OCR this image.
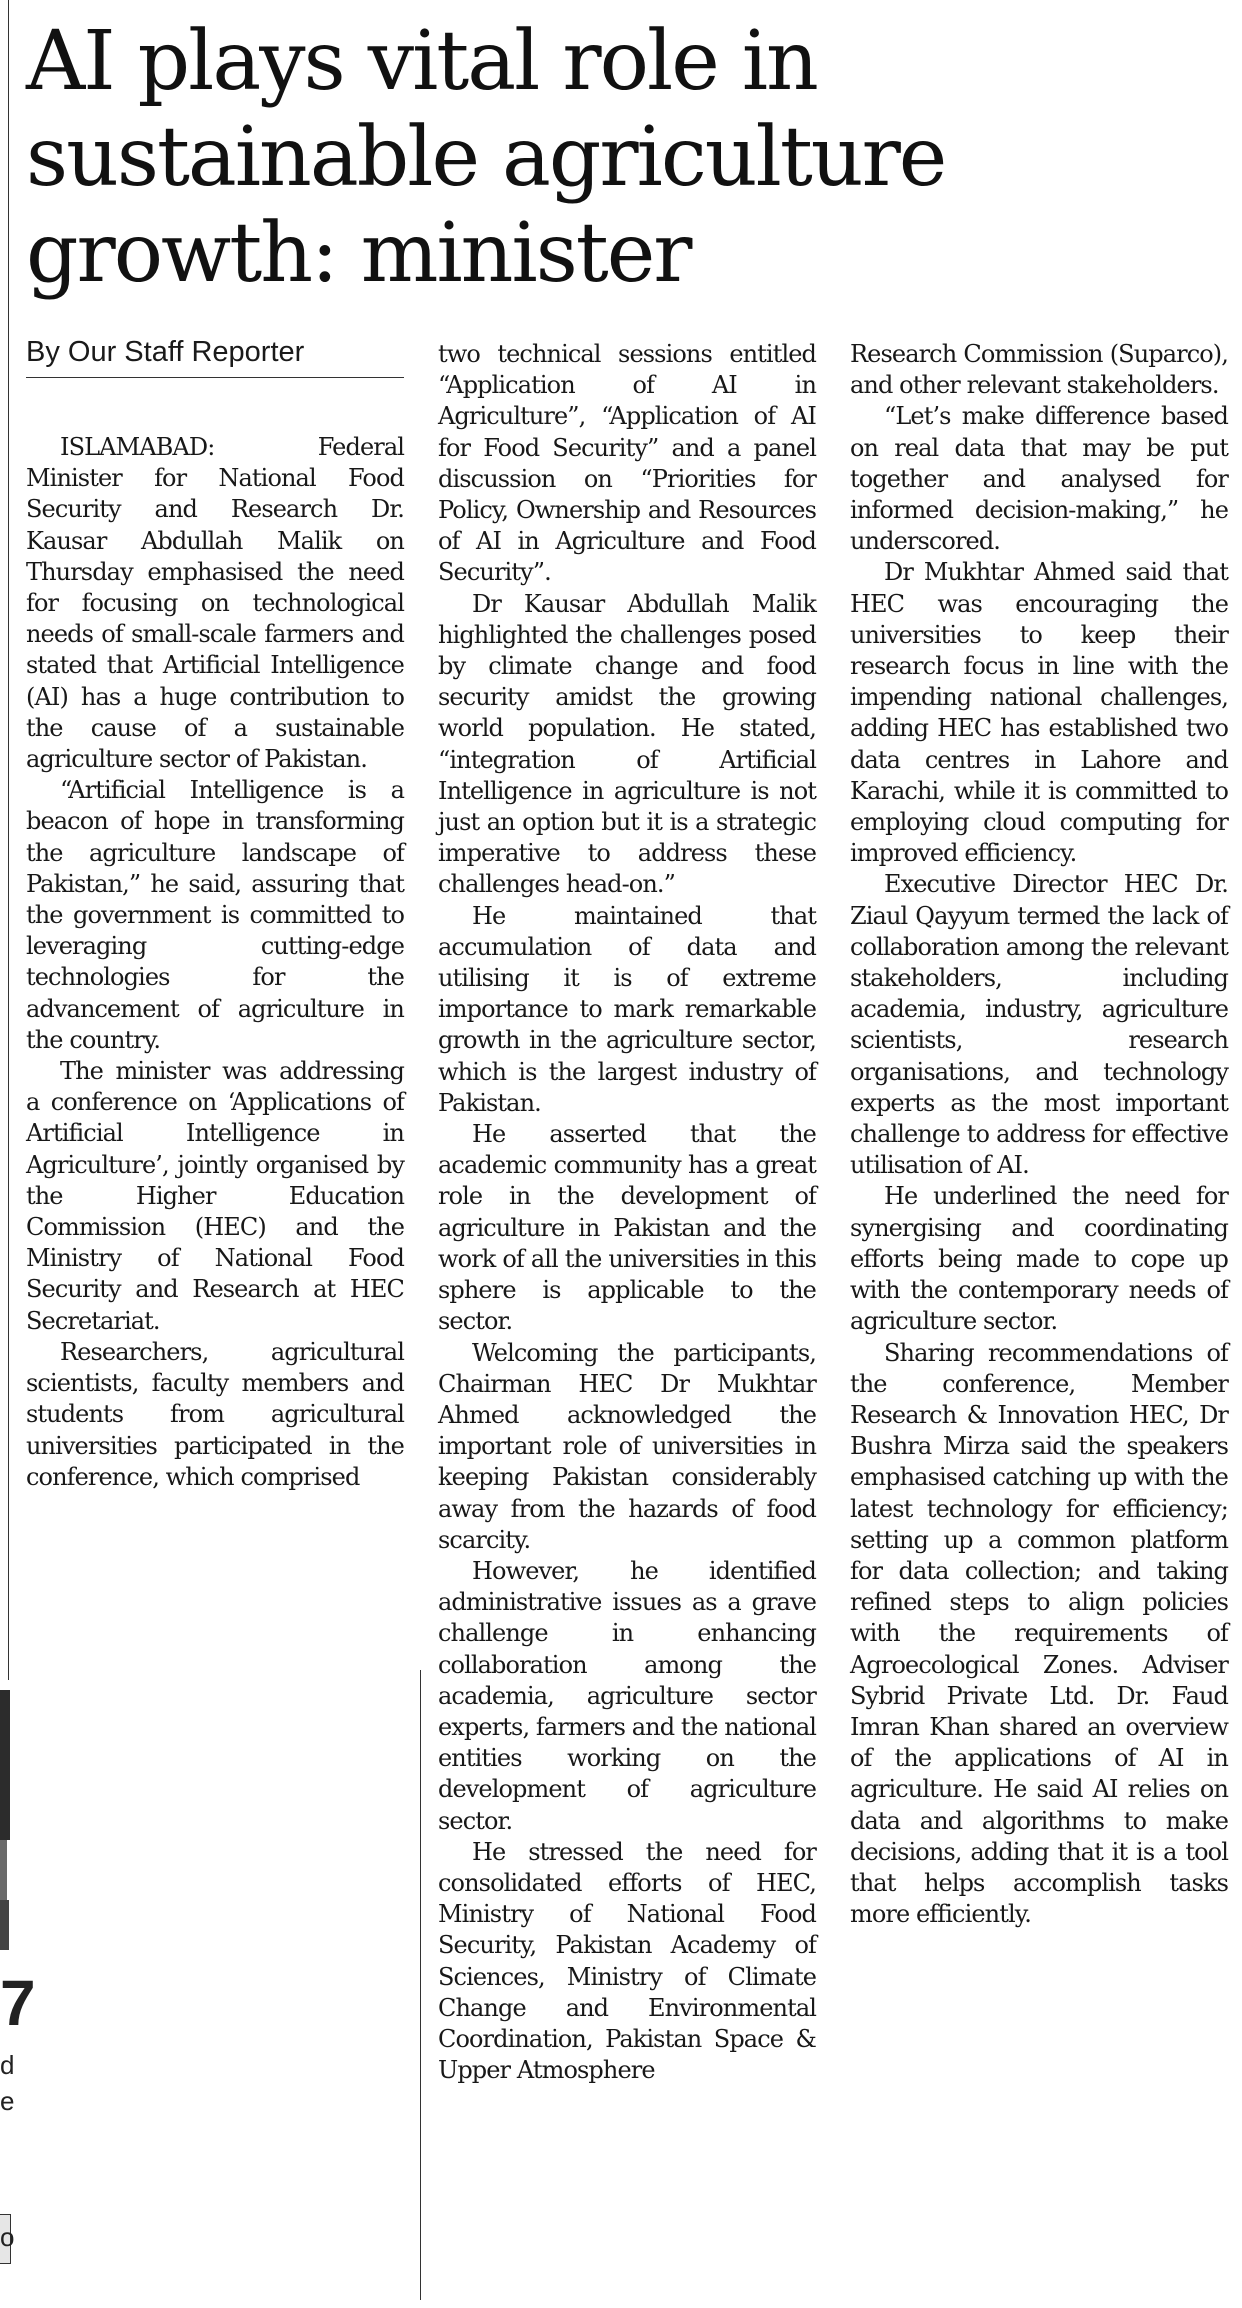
7
d
e
o
AI plays vital role in sustainable agriculture growth: minister
By Our Staff Reporter

ISLAMABAD: Federal Minister for National Food Security and Research Dr. Kausar Abdullah Malik on Thursday emphasised the need for focusing on technological needs of small-scale farmers and stated that Artificial Intelligence (AI) has a huge contribution to the cause of a sustainable agriculture sector of Pakistan.

“Artificial Intelligence is a beacon of hope in transforming the agriculture landscape of Pakistan,” he said, assuring that the government is committed to leveraging cutting-edge technologies for the advancement of agriculture in the country.

The minister was addressing a conference on ‘Applications of Artificial Intelligence in Agriculture’, jointly organised by the Higher Education Commission (HEC) and the Ministry of National Food Security and Research at HEC Secretariat.

Researchers, agricultural scientists, faculty members and students from agricultural universities participated in the conference, which comprised

two technical sessions entitled “Application of AI in Agriculture”, “Application of AI for Food Security” and a panel discussion on “Priorities for Policy, Ownership and Resources of AI in Agriculture and Food Security”.

Dr Kausar Abdullah Malik highlighted the challenges posed by climate change and food security amidst the growing world population. He stated, “integration of Artificial Intelligence in agriculture is not just an option but it is a strategic imperative to address these challenges head-on.”

He maintained that accumulation of data and utilising it is of extreme importance to mark remarkable growth in the agriculture sector, which is the largest industry of Pakistan.

He asserted that the academic community has a great role in the development of agriculture in Pakistan and the work of all the universities in this sphere is applicable to the sector.

Welcoming the participants, Chairman HEC Dr Mukhtar Ahmed acknowledged the important role of universities in keeping Pakistan considerably away from the hazards of food scarcity.

However, he identified administrative issues as a grave challenge in enhancing collaboration among the academia, agriculture sector experts, farmers and the national entities working on the development of agriculture sector.

He stressed the need for consolidated efforts of HEC, Ministry of National Food Security, Pakistan Academy of Sciences, Ministry of Climate Change and Environmental Coordination, Pakistan Space & Upper Atmosphere

Research Commission (Suparco), and other relevant stakeholders.

“Let’s make difference based on real data that may be put together and analysed for informed decision-making,” he underscored.

Dr Mukhtar Ahmed said that HEC was encouraging the universities to keep their research focus in line with the impending national challenges, adding HEC has established two data centres in Lahore and Karachi, while it is committed to employing cloud computing for improved efficiency.

Executive Director HEC Dr. Ziaul Qayyum termed the lack of collaboration among the relevant stakeholders, including academia, industry, agriculture scientists, research organisations, and technology experts as the most important challenge to address for effective utilisation of AI.

He underlined the need for synergising and coordinating efforts being made to cope up with the contemporary needs of agriculture sector.

Sharing recommendations of the conference, Member Research & Innovation HEC, Dr Bushra Mirza said the speakers emphasised catching up with the latest technology for efficiency; setting up a common platform for data collection; and taking refined steps to align policies with the requirements of Agroecological Zones. Adviser Sybrid Private Ltd. Dr. Faud Imran Khan shared an overview of the applications of AI in agriculture. He said AI relies on data and algorithms to make decisions, adding that it is a tool that helps accomplish tasks more efficiently.
